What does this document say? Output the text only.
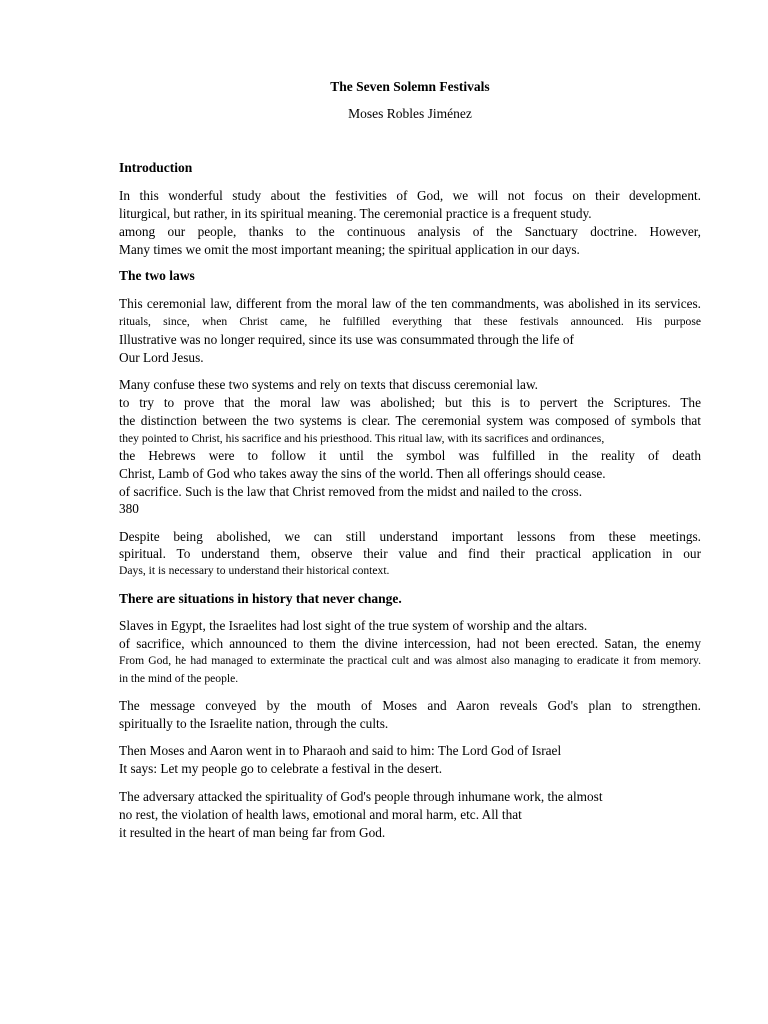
The Seven Solemn Festivals
Moses Robles Jiménez
Introduction
In this wonderful study about the festivities of God, we will not focus on their development.
liturgical, but rather, in its spiritual meaning. The ceremonial practice is a frequent study.
among our people, thanks to the continuous analysis of the Sanctuary doctrine. However,
Many times we omit the most important meaning; the spiritual application in our days.
The two laws
This ceremonial law, different from the moral law of the ten commandments, was abolished in its services.
rituals, since, when Christ came, he fulfilled everything that these festivals announced. His purpose
Illustrative was no longer required, since its use was consummated through the life of
Our Lord Jesus.
Many confuse these two systems and rely on texts that discuss ceremonial law.
to try to prove that the moral law was abolished; but this is to pervert the Scriptures. The
the distinction between the two systems is clear. The ceremonial system was composed of symbols that
they pointed to Christ, his sacrifice and his priesthood. This ritual law, with its sacrifices and ordinances,
the Hebrews were to follow it until the symbol was fulfilled in the reality of death
Christ, Lamb of God who takes away the sins of the world. Then all offerings should cease.
of sacrifice. Such is the law that Christ removed from the midst and nailed to the cross.
380
Despite being abolished, we can still understand important lessons from these meetings.
spiritual. To understand them, observe their value and find their practical application in our
Days, it is necessary to understand their historical context.
There are situations in history that never change.
Slaves in Egypt, the Israelites had lost sight of the true system of worship and the altars.
of sacrifice, which announced to them the divine intercession, had not been erected. Satan, the enemy
From God, he had managed to exterminate the practical cult and was almost also managing to eradicate it from memory.
in the mind of the people.
The message conveyed by the mouth of Moses and Aaron reveals God's plan to strengthen.
spiritually to the Israelite nation, through the cults.
Then Moses and Aaron went in to Pharaoh and said to him: The Lord God of Israel
It says: Let my people go to celebrate a festival in the desert.
The adversary attacked the spirituality of God's people through inhumane work, the almost
no rest, the violation of health laws, emotional and moral harm, etc. All that
it resulted in the heart of man being far from God.
